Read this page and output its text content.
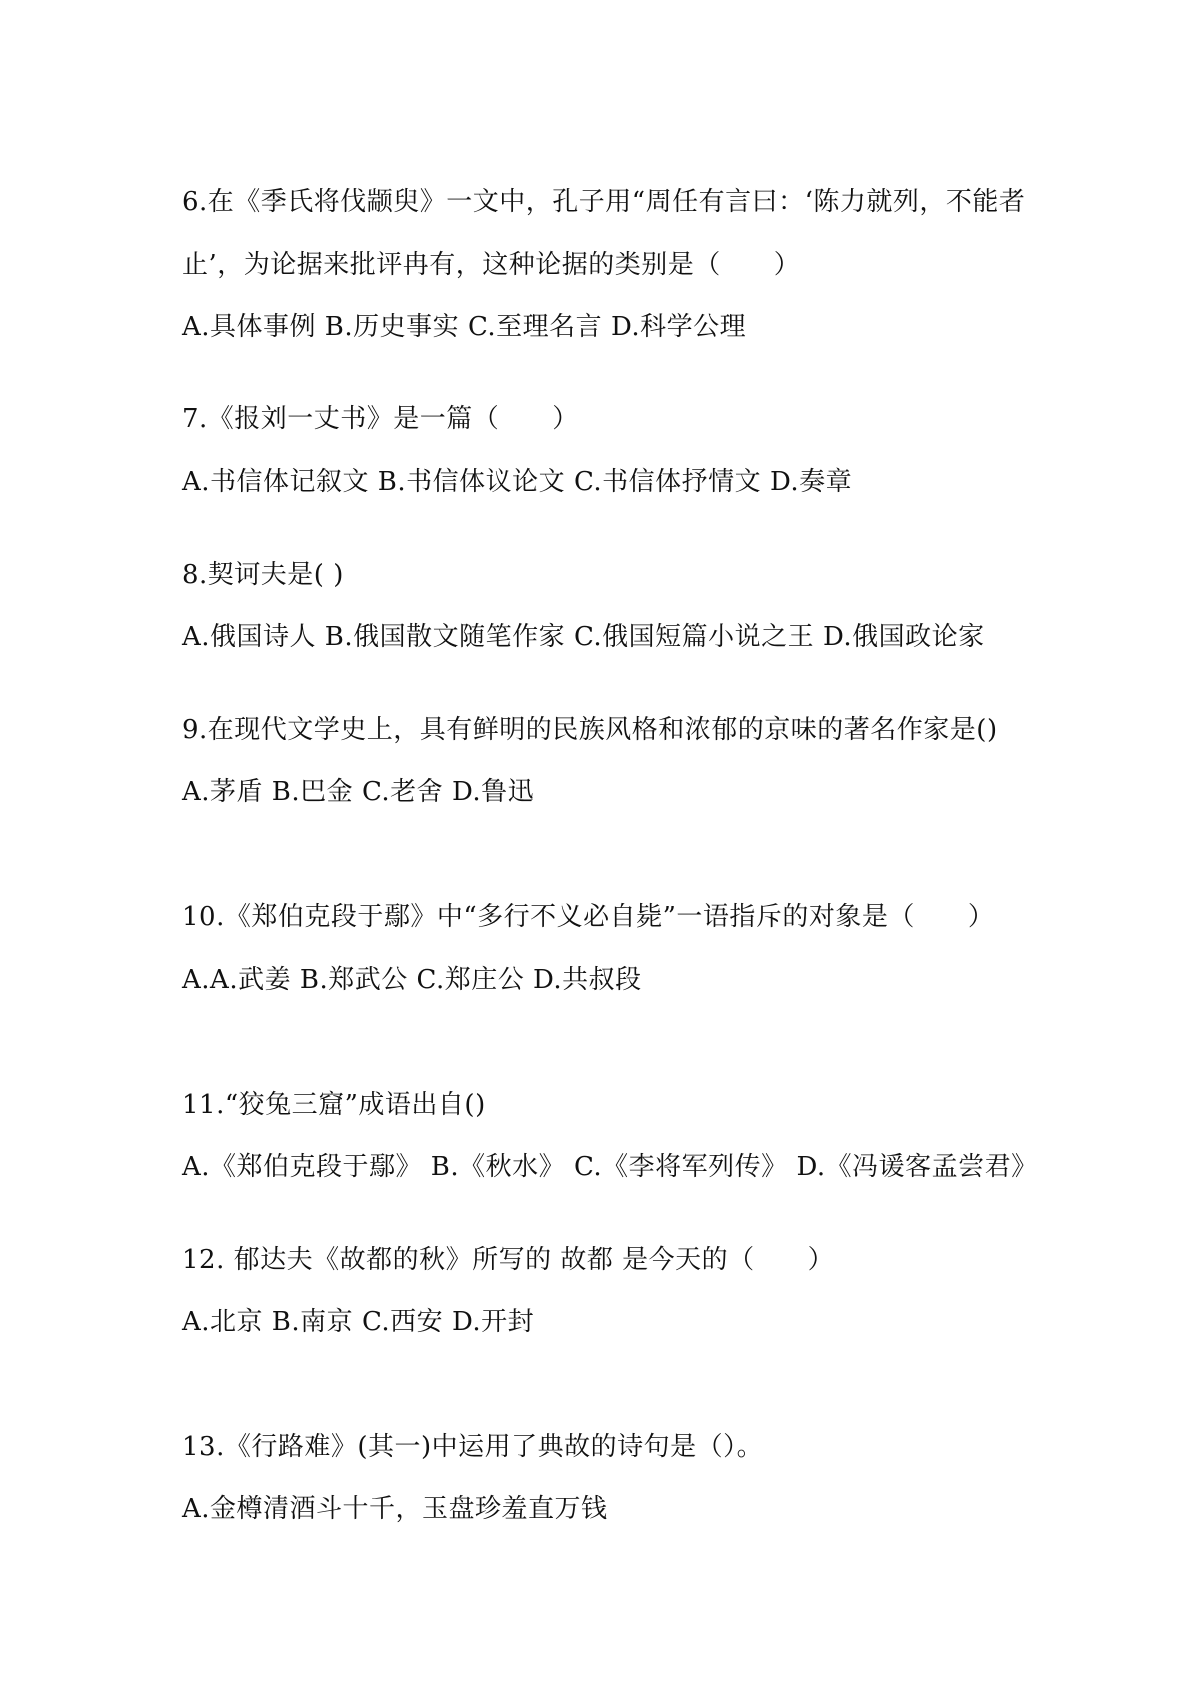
6.在《季氏将伐颛臾》一文中，孔子用“周任有言曰：‘陈力就列，不能者
止’，为论据来批评冉有，这种论据的类别是（　　）
A.具体事例 B.历史事实 C.至理名言 D.科学公理
7.《报刘一丈书》是一篇（　　）
A.书信体记叙文 B.书信体议论文 C.书信体抒情文 D.奏章
8.契诃夫是( )
A.俄国诗人 B.俄国散文随笔作家 C.俄国短篇小说之王 D.俄国政论家
9.在现代文学史上，具有鲜明的民族风格和浓郁的京味的著名作家是()
A.茅盾 B.巴金 C.老舍 D.鲁迅
10.《郑伯克段于鄢》中“多行不义必自毙”一语指斥的对象是（　　）
A.A.武姜 B.郑武公 C.郑庄公 D.共叔段
11.“狡兔三窟”成语出自()
A.《郑伯克段于鄢》 B.《秋水》 C.《李将军列传》 D.《冯谖客孟尝君》
12. 郁达夫《故都的秋》所写的 故都 是今天的（　　）
A.北京 B.南京 C.西安 D.开封
13.《行路难》(其一)中运用了典故的诗句是（）。
A.金樽清酒斗十千，玉盘珍羞直万钱
